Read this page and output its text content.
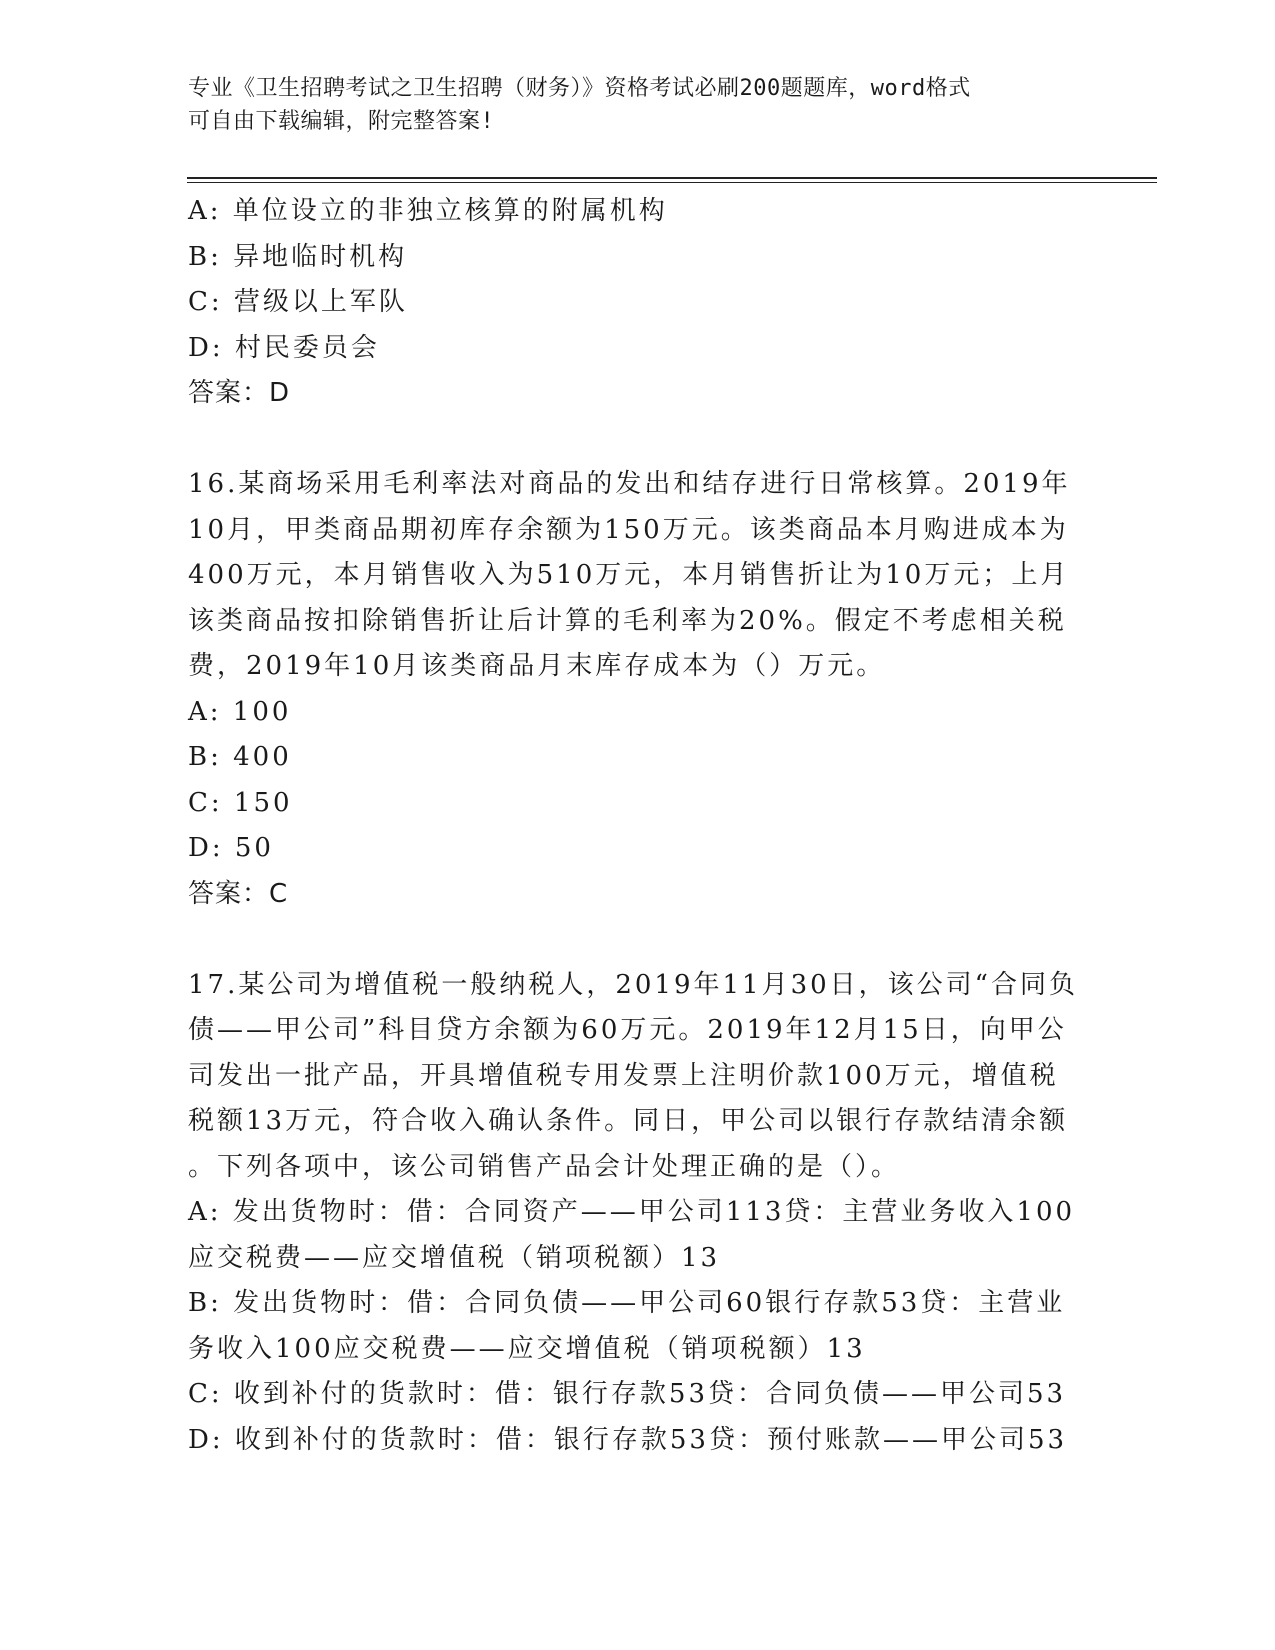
专业《卫生招聘考试之卫生招聘（财务）》资格考试必刷200题题库，word格式
可自由下载编辑，附完整答案!
A: 单位设立的非独立核算的附属机构
B: 异地临时机构
C: 营级以上军队
D: 村民委员会
答案：D
16.某商场采用毛利率法对商品的发出和结存进行日常核算。2019年
10月，甲类商品期初库存余额为150万元。该类商品本月购进成本为
400万元，本月销售收入为510万元，本月销售折让为10万元；上月
该类商品按扣除销售折让后计算的毛利率为20%。假定不考虑相关税
费，2019年10月该类商品月末库存成本为（）万元。
A: 100
B: 400
C: 150
D: 50
答案：C
17.某公司为增值税一般纳税人，2019年11月30日，该公司“合同负
债——甲公司”科目贷方余额为60万元。2019年12月15日，向甲公
司发出一批产品，开具增值税专用发票上注明价款100万元，增值税
税额13万元，符合收入确认条件。同日，甲公司以银行存款结清余额
。下列各项中，该公司销售产品会计处理正确的是（）。
A: 发出货物时：借：合同资产——甲公司113贷：主营业务收入100
应交税费——应交增值税（销项税额）13
B: 发出货物时：借：合同负债——甲公司60银行存款53贷：主营业
务收入100应交税费——应交增值税（销项税额）13
C: 收到补付的货款时：借：银行存款53贷：合同负债——甲公司53
D: 收到补付的货款时：借：银行存款53贷：预付账款——甲公司53
